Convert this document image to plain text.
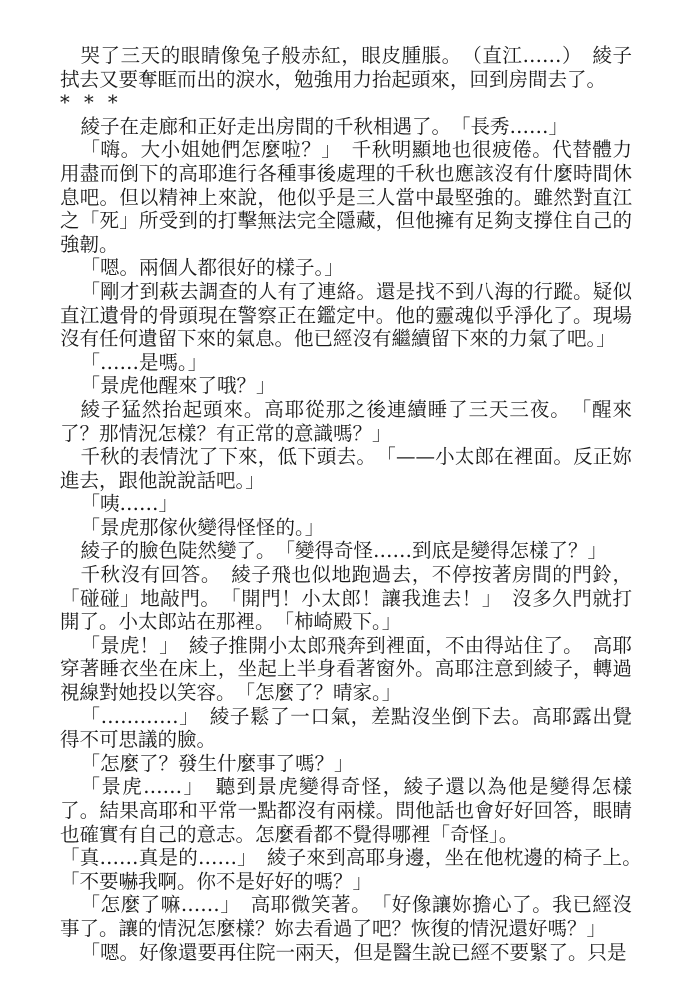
哭了三天的眼睛像兔子般赤紅，眼皮腫脹。　（直江……）　綾子拭去又要奪眶而出的淚水，勉強用力抬起頭來，回到房間去了。

* * *

綾子在走廊和正好走出房間的千秋相遇了。　「長秀……」

「嗨。大小姐她們怎麼啦？」　千秋明顯地也很疲倦。代替體力用盡而倒下的高耶進行各種事後處理的千秋也應該沒有什麼時間休息吧。但以精神上來說，他似乎是三人當中最堅強的。雖然對直江之「死」所受到的打擊無法完全隱藏，但他擁有足夠支撐住自己的強韌。

「嗯。兩個人都很好的樣子。」

「剛才到萩去調查的人有了連絡。還是找不到八海的行蹤。疑似直江遺骨的骨頭現在警察正在鑑定中。他的靈魂似乎淨化了。現場沒有任何遺留下來的氣息。他已經沒有繼續留下來的力氣了吧。」

「……是嗎。」

「景虎他醒來了哦？」

綾子猛然抬起頭來。高耶從那之後連續睡了三天三夜。　「醒來了？那情況怎樣？有正常的意識嗎？」

千秋的表情沈了下來，低下頭去。　「——小太郎在裡面。反正妳進去，跟他說說話吧。」

「咦……」

「景虎那傢伙變得怪怪的。」

綾子的臉色陡然變了。　「變得奇怪……到底是變得怎樣了？」

千秋沒有回答。　綾子飛也似地跑過去，不停按著房間的門鈴，「碰碰」地敲門。　「開門！小太郎！讓我進去！」　沒多久門就打開了。小太郎站在那裡。　「柿崎殿下。」

「景虎！」　綾子推開小太郎飛奔到裡面，不由得站住了。　高耶穿著睡衣坐在床上，坐起上半身看著窗外。高耶注意到綾子，轉過視線對她投以笑容。　「怎麼了？晴家。」

「…………」　綾子鬆了一口氣，差點沒坐倒下去。高耶露出覺得不可思議的臉。

「怎麼了？發生什麼事了嗎？」

「景虎……」　聽到景虎變得奇怪，綾子還以為他是變得怎樣了。結果高耶和平常一點都沒有兩樣。問他話也會好好回答，眼睛也確實有自己的意志。怎麼看都不覺得哪裡「奇怪」。

「真……真是的……」　綾子來到高耶身邊，坐在他枕邊的椅子上。　「不要嚇我啊。你不是好好的嗎？」

「怎麼了嘛……」　高耶微笑著。　「好像讓妳擔心了。我已經沒事了。讓的情況怎麼樣？妳去看過了吧？恢復的情況還好嗎？」

「嗯。好像還要再住院一兩天，但是醫生說已經不要緊了。只是
